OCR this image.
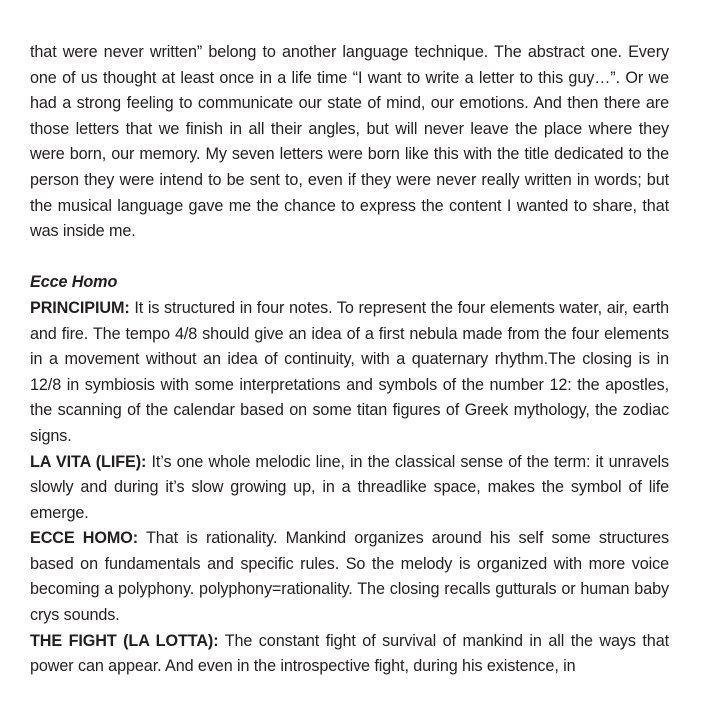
that were never written” belong to another language technique. The abstract one. Every one of us thought at least once in a life time “I want to write a letter to this guy…”. Or we had a strong feeling to communicate our state of mind, our emotions. And then there are those letters that we finish in all their angles, but will never leave the place where they were born, our memory. My seven letters were born like this with the title dedicated to the person they were intend to be sent to, even if they were never really written in words; but the musical language gave me the chance to express the content I wanted to share, that was inside me.

Ecce Homo

PRINCIPIUM: It is structured in four notes. To represent the four elements water, air, earth and fire. The tempo 4/8 should give an idea of a first nebula made from the four elements in a movement without an idea of continuity, with a quaternary rhythm.The closing is in 12/8 in symbiosis with some interpretations and symbols of the number 12: the apostles, the scanning of the calendar based on some titan figures of Greek mythology, the zodiac signs.

LA VITA (LIFE): It’s one whole melodic line, in the classical sense of the term: it unravels slowly and during it’s slow growing up, in a threadlike space, makes the symbol of life emerge.

ECCE HOMO: That is rationality. Mankind organizes around his self some structures based on fundamentals and specific rules. So the melody is organized with more voice becoming a polyphony. polyphony=rationality. The closing recalls gutturals or human baby crys sounds.

THE FIGHT (LA LOTTA): The constant fight of survival of mankind in all the ways that power can appear. And even in the introspective fight, during his existence, in
